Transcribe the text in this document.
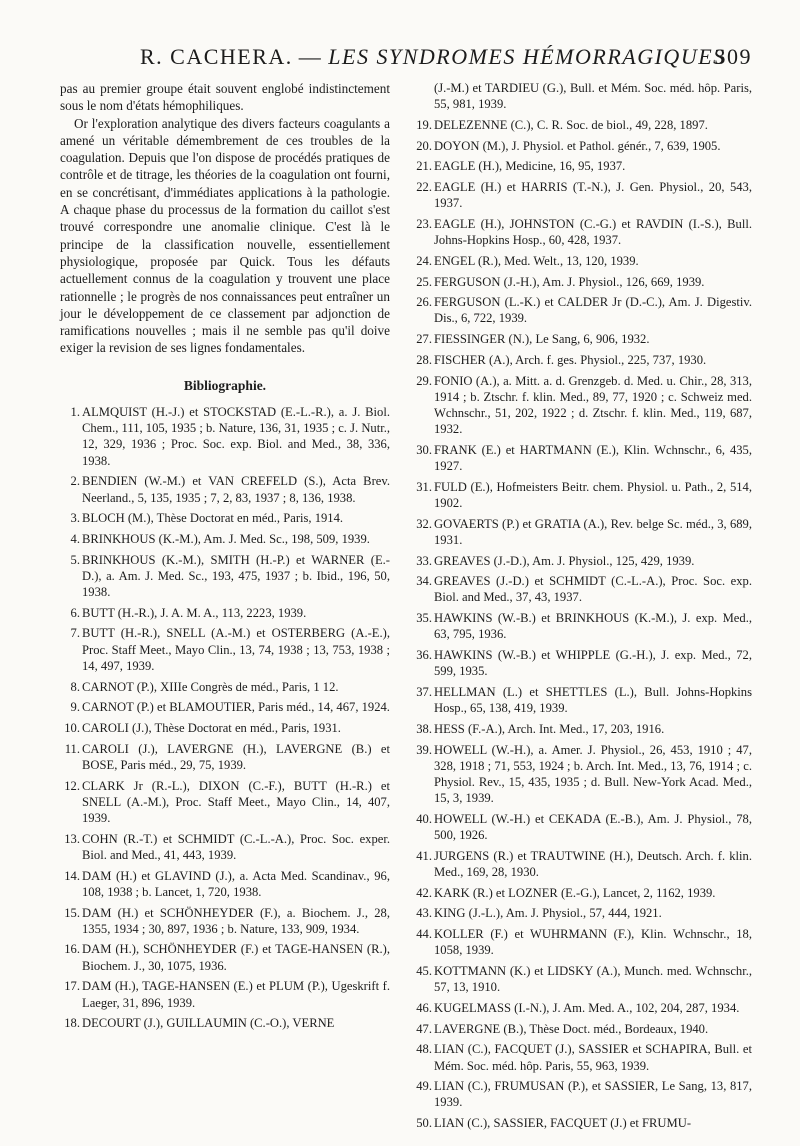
R. CACHERA. — LES SYNDROMES HÉMORRAGIQUES
309

pas au premier groupe était souvent englobé indistinctement sous le nom d'états hémophiliques.

Or l'exploration analytique des divers facteurs coagulants a amené un véritable démembrement de ces troubles de la coagulation. Depuis que l'on dispose de procédés pratiques de contrôle et de titrage, les théories de la coagulation ont fourni, en se concrétisant, d'immédiates applications à la pathologie. A chaque phase du processus de la formation du caillot s'est trouvé correspondre une anomalie clinique. C'est là le principe de la classification nouvelle, essentiellement physiologique, proposée par Quick. Tous les défauts actuellement connus de la coagulation y trouvent une place rationnelle ; le progrès de nos connaissances peut entraîner un jour le développement de ce classement par adjonction de ramifications nouvelles ; mais il ne semble pas qu'il doive exiger la revision de ses lignes fondamentales.

Bibliographie.
1. ALMQUIST (H.-J.) et STOCKSTAD (E.-L.-R.), a. J. Biol. Chem., 111, 105, 1935 ; b. Nature, 136, 31, 1935 ; c. J. Nutr., 12, 329, 1936 ; Proc. Soc. exp. Biol. and Med., 38, 336, 1938.
2. BENDIEN (W.-M.) et VAN CREFELD (S.), Acta Brev. Neerland., 5, 135, 1935 ; 7, 2, 83, 1937 ; 8, 136, 1938.
3. BLOCH (M.), Thèse Doctorat en méd., Paris, 1914.
4. BRINKHOUS (K.-M.), Am. J. Med. Sc., 198, 509, 1939.
5. BRINKHOUS (K.-M.), SMITH (H.-P.) et WARNER (E.-D.), a. Am. J. Med. Sc., 193, 475, 1937 ; b. Ibid., 196, 50, 1938.
6. BUTT (H.-R.), J. A. M. A., 113, 2223, 1939.
7. BUTT (H.-R.), SNELL (A.-M.) et OSTERBERG (A.-E.), Proc. Staff Meet., Mayo Clin., 13, 74, 1938 ; 13, 753, 1938 ; 14, 497, 1939.
8. CARNOT (P.), XIIIe Congrès de méd., Paris, 1 12.
9. CARNOT (P.) et BLAMOUTIER, Paris méd., 14, 467, 1924.
10. CAROLI (J.), Thèse Doctorat en méd., Paris, 1931.
11. CAROLI (J.), LAVERGNE (H.), LAVERGNE (B.) et BOSE, Paris méd., 29, 75, 1939.
12. CLARK Jr (R.-L.), DIXON (C.-F.), BUTT (H.-R.) et SNELL (A.-M.), Proc. Staff Meet., Mayo Clin., 14, 407, 1939.
13. COHN (R.-T.) et SCHMIDT (C.-L.-A.), Proc. Soc. exper. Biol. and Med., 41, 443, 1939.
14. DAM (H.) et GLAVIND (J.), a. Acta Med. Scandinav., 96, 108, 1938 ; b. Lancet, 1, 720, 1938.
15. DAM (H.) et SCHÖNHEYDER (F.), a. Biochem. J., 28, 1355, 1934 ; 30, 897, 1936 ; b. Nature, 133, 909, 1934.
16. DAM (H.), SCHÖNHEYDER (F.) et TAGE-HANSEN (R.), Biochem. J., 30, 1075, 1936.
17. DAM (H.), TAGE-HANSEN (E.) et PLUM (P.), Ugeskrift f. Laeger, 31, 896, 1939.
18. DECOURT (J.), GUILLAUMIN (C.-O.), VERNE
(J.-M.) et TARDIEU (G.), Bull. et Mém. Soc. méd. hôp. Paris, 55, 981, 1939.
19. DELEZENNE (C.), C. R. Soc. de biol., 49, 228, 1897.
20. DOYON (M.), J. Physiol. et Pathol. génér., 7, 639, 1905.
21. EAGLE (H.), Medicine, 16, 95, 1937.
22. EAGLE (H.) et HARRIS (T.-N.), J. Gen. Physiol., 20, 543, 1937.
23. EAGLE (H.), JOHNSTON (C.-G.) et RAVDIN (I.-S.), Bull. Johns-Hopkins Hosp., 60, 428, 1937.
24. ENGEL (R.), Med. Welt., 13, 120, 1939.
25. FERGUSON (J.-H.), Am. J. Physiol., 126, 669, 1939.
26. FERGUSON (L.-K.) et CALDER Jr (D.-C.), Am. J. Digestiv. Dis., 6, 722, 1939.
27. FIESSINGER (N.), Le Sang, 6, 906, 1932.
28. FISCHER (A.), Arch. f. ges. Physiol., 225, 737, 1930.
29. FONIO (A.), a. Mitt. a. d. Grenzgeb. d. Med. u. Chir., 28, 313, 1914 ; b. Ztschr. f. klin. Med., 89, 77, 1920 ; c. Schweiz med. Wchnschr., 51, 202, 1922 ; d. Ztschr. f. klin. Med., 119, 687, 1932.
30. FRANK (E.) et HARTMANN (E.), Klin. Wchnschr., 6, 435, 1927.
31. FULD (E.), Hofmeisters Beitr. chem. Physiol. u. Path., 2, 514, 1902.
32. GOVAERTS (P.) et GRATIA (A.), Rev. belge Sc. méd., 3, 689, 1931.
33. GREAVES (J.-D.), Am. J. Physiol., 125, 429, 1939.
34. GREAVES (J.-D.) et SCHMIDT (C.-L.-A.), Proc. Soc. exp. Biol. and Med., 37, 43, 1937.
35. HAWKINS (W.-B.) et BRINKHOUS (K.-M.), J. exp. Med., 63, 795, 1936.
36. HAWKINS (W.-B.) et WHIPPLE (G.-H.), J. exp. Med., 72, 599, 1935.
37. HELLMAN (L.) et SHETTLES (L.), Bull. Johns-Hopkins Hosp., 65, 138, 419, 1939.
38. HESS (F.-A.), Arch. Int. Med., 17, 203, 1916.
39. HOWELL (W.-H.), a. Amer. J. Physiol., 26, 453, 1910 ; 47, 328, 1918 ; 71, 553, 1924 ; b. Arch. Int. Med., 13, 76, 1914 ; c. Physiol. Rev., 15, 435, 1935 ; d. Bull. New-York Acad. Med., 15, 3, 1939.
40. HOWELL (W.-H.) et CEKADA (E.-B.), Am. J. Physiol., 78, 500, 1926.
41. JURGENS (R.) et TRAUTWINE (H.), Deutsch. Arch. f. klin. Med., 169, 28, 1930.
42. KARK (R.) et LOZNER (E.-G.), Lancet, 2, 1162, 1939.
43. KING (J.-L.), Am. J. Physiol., 57, 444, 1921.
44. KOLLER (F.) et WUHRMANN (F.), Klin. Wchnschr., 18, 1058, 1939.
45. KOTTMANN (K.) et LIDSKY (A.), Munch. med. Wchnschr., 57, 13, 1910.
46. KUGELMASS (I.-N.), J. Am. Med. A., 102, 204, 287, 1934.
47. LAVERGNE (B.), Thèse Doct. méd., Bordeaux, 1940.
48. LIAN (C.), FACQUET (J.), SASSIER et SCHAPIRA, Bull. et Mém. Soc. méd. hôp. Paris, 55, 963, 1939.
49. LIAN (C.), FRUMUSAN (P.), et SASSIER, Le Sang, 13, 817, 1939.
50. LIAN (C.), SASSIER, FACQUET (J.) et FRUMU-
